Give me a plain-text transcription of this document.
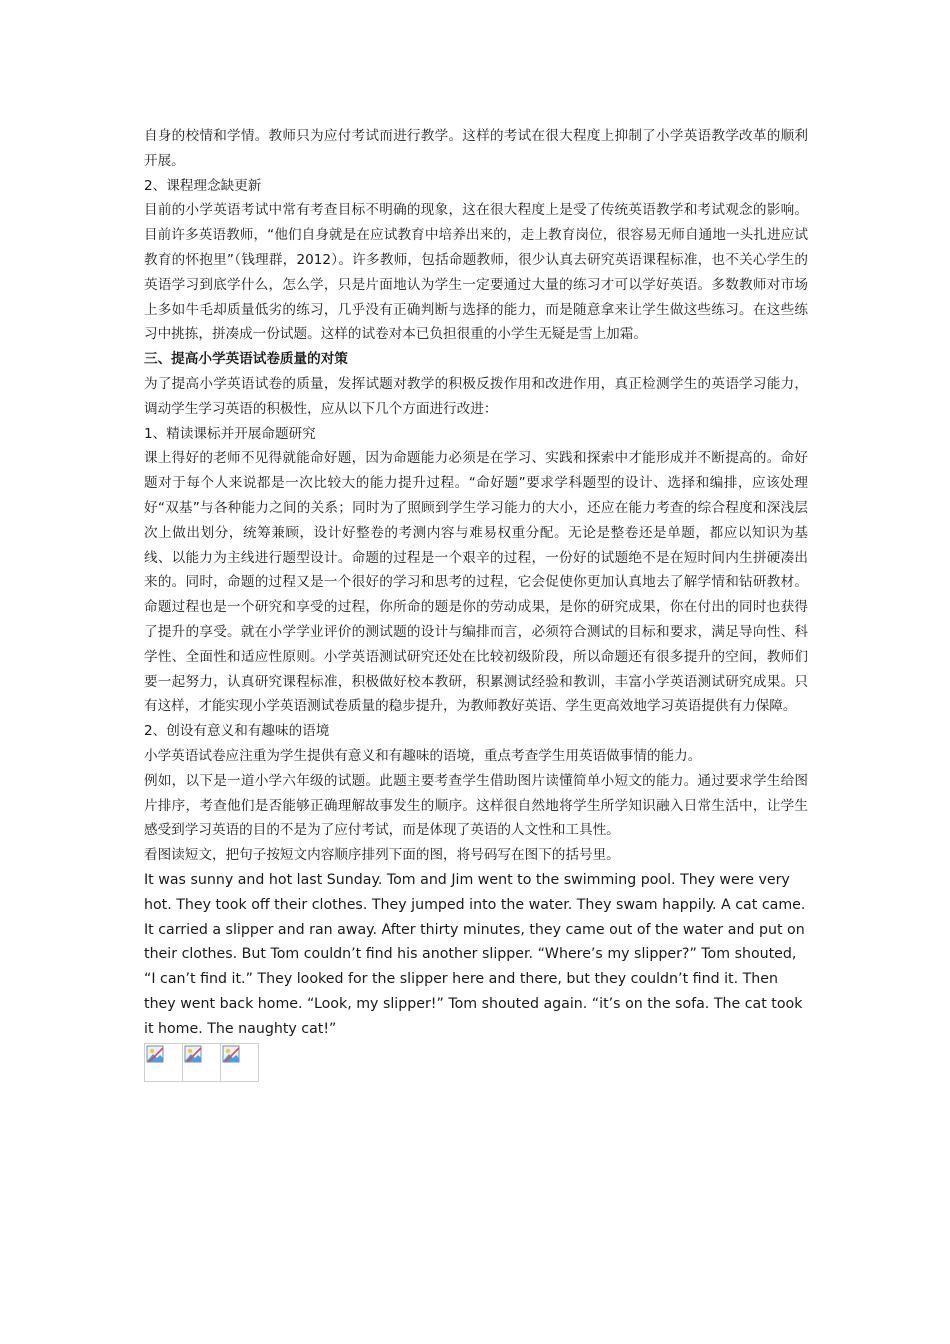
自身的校情和学情。教师只为应付考试而进行教学。这样的考试在很大程度上抑制了小学英语教学改革的顺利开展。

2、课程理念缺更新

目前的小学英语考试中常有考查目标不明确的现象，这在很大程度上是受了传统英语教学和考试观念的影响。目前许多英语教师，“他们自身就是在应试教育中培养出来的，走上教育岗位，很容易无师自通地一头扎进应试教育的怀抱里”（钱理群，2012）。许多教师，包括命题教师，很少认真去研究英语课程标准，也不关心学生的英语学习到底学什么，怎么学，只是片面地认为学生一定要通过大量的练习才可以学好英语。多数教师对市场上多如牛毛却质量低劣的练习，几乎没有正确判断与选择的能力，而是随意拿来让学生做这些练习。在这些练习中挑拣，拼凑成一份试题。这样的试卷对本已负担很重的小学生无疑是雪上加霜。

三、提高小学英语试卷质量的对策

为了提高小学英语试卷的质量，发挥试题对教学的积极反拨作用和改进作用，真正检测学生的英语学习能力，调动学生学习英语的积极性，应从以下几个方面进行改进：

1、精读课标并开展命题研究

课上得好的老师不见得就能命好题，因为命题能力必须是在学习、实践和探索中才能形成并不断提高的。命好题对于每个人来说都是一次比较大的能力提升过程。“命好题”要求学科题型的设计、选择和编排，应该处理好“双基”与各种能力之间的关系；同时为了照顾到学生学习能力的大小，还应在能力考查的综合程度和深浅层次上做出划分，统筹兼顾，设计好整卷的考测内容与难易权重分配。无论是整卷还是单题，都应以知识为基线、以能力为主线进行题型设计。命题的过程是一个艰辛的过程，一份好的试题绝不是在短时间内生拼硬凑出来的。同时，命题的过程又是一个很好的学习和思考的过程，它会促使你更加认真地去了解学情和钻研教材。命题过程也是一个研究和享受的过程，你所命的题是你的劳动成果，是你的研究成果，你在付出的同时也获得了提升的享受。就在小学学业评价的测试题的设计与编排而言，必须符合测试的目标和要求，满足导向性、科学性、全面性和适应性原则。小学英语测试研究还处在比较初级阶段，所以命题还有很多提升的空间，教师们要一起努力，认真研究课程标准，积极做好校本教研，积累测试经验和教训，丰富小学英语测试研究成果。只有这样，才能实现小学英语测试卷质量的稳步提升，为教师教好英语、学生更高效地学习英语提供有力保障。

2、创设有意义和有趣味的语境

小学英语试卷应注重为学生提供有意义和有趣味的语境，重点考查学生用英语做事情的能力。

例如，以下是一道小学六年级的试题。此题主要考查学生借助图片读懂简单小短文的能力。通过要求学生给图片排序，考查他们是否能够正确理解故事发生的顺序。这样很自然地将学生所学知识融入日常生活中，让学生感受到学习英语的目的不是为了应付考试，而是体现了英语的人文性和工具性。

看图读短文，把句子按短文内容顺序排列下面的图，将号码写在图下的括号里。

It was sunny and hot last Sunday. Tom and Jim went to the swimming pool. They were very hot. They took off their clothes. They jumped into the water. They swam happily. A cat came. It carried a slipper and ran away. After thirty minutes, they came out of the water and put on their clothes. But Tom couldn’t find his another slipper. “Where’s my slipper?” Tom shouted, “I can’t find it.” They looked for the slipper here and there, but they couldn’t find it. Then they went back home. “Look, my slipper!” Tom shouted again. “it’s on the sofa. The cat took it home. The naughty cat!”
